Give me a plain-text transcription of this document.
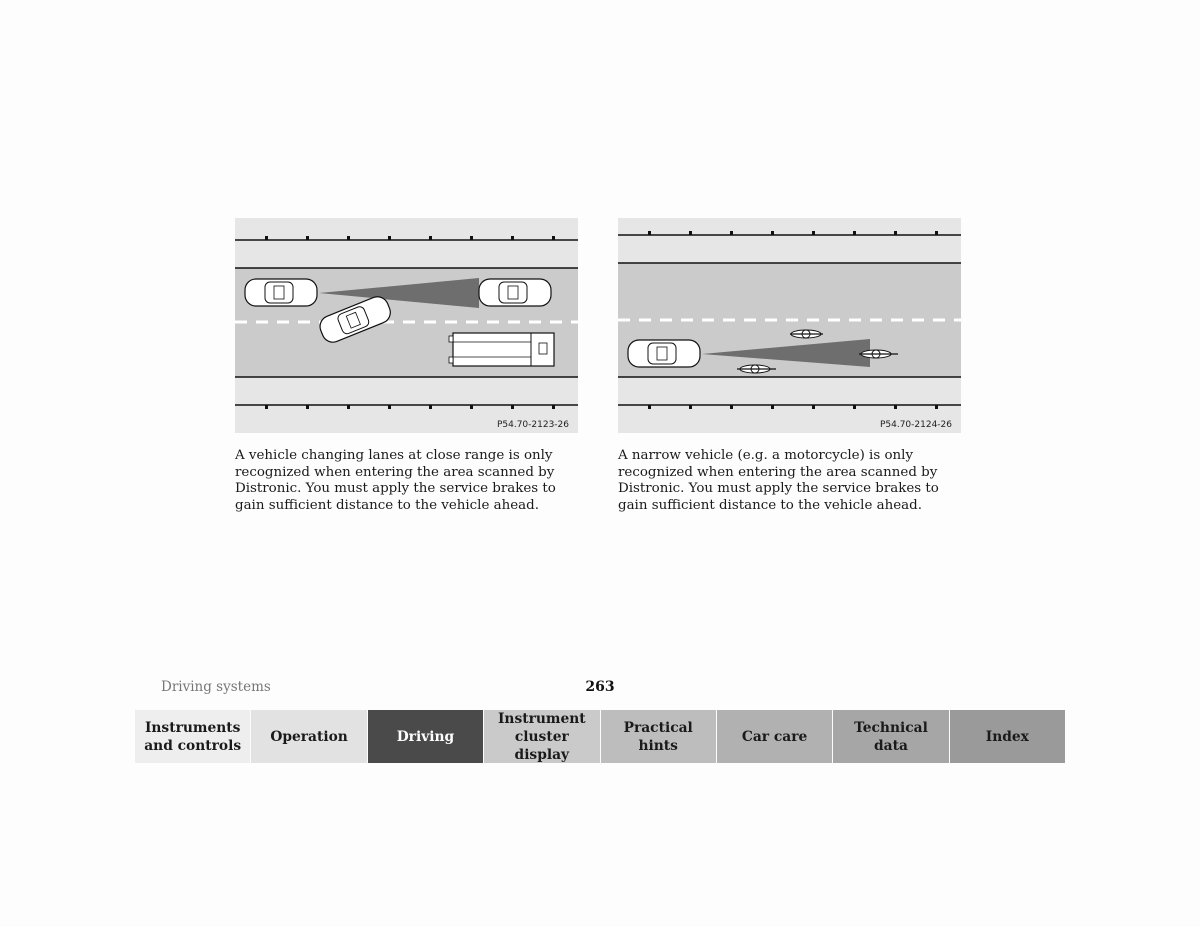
P54.70-2123-26	P54.70-2124-26

A vehicle changing lanes at close range is only recognized when entering the area scanned by Distronic. You must apply the service brakes to gain sufficient distance to the vehicle ahead.

A narrow vehicle (e.g. a motorcycle) is only recognized when entering the area scanned by Distronic. You must apply the service brakes to gain sufficient distance to the vehicle ahead.

Driving systems	263
Instruments and controls
Operation	Driving
Instrument cluster display
Practical hints
Car care
Technical data
Index
